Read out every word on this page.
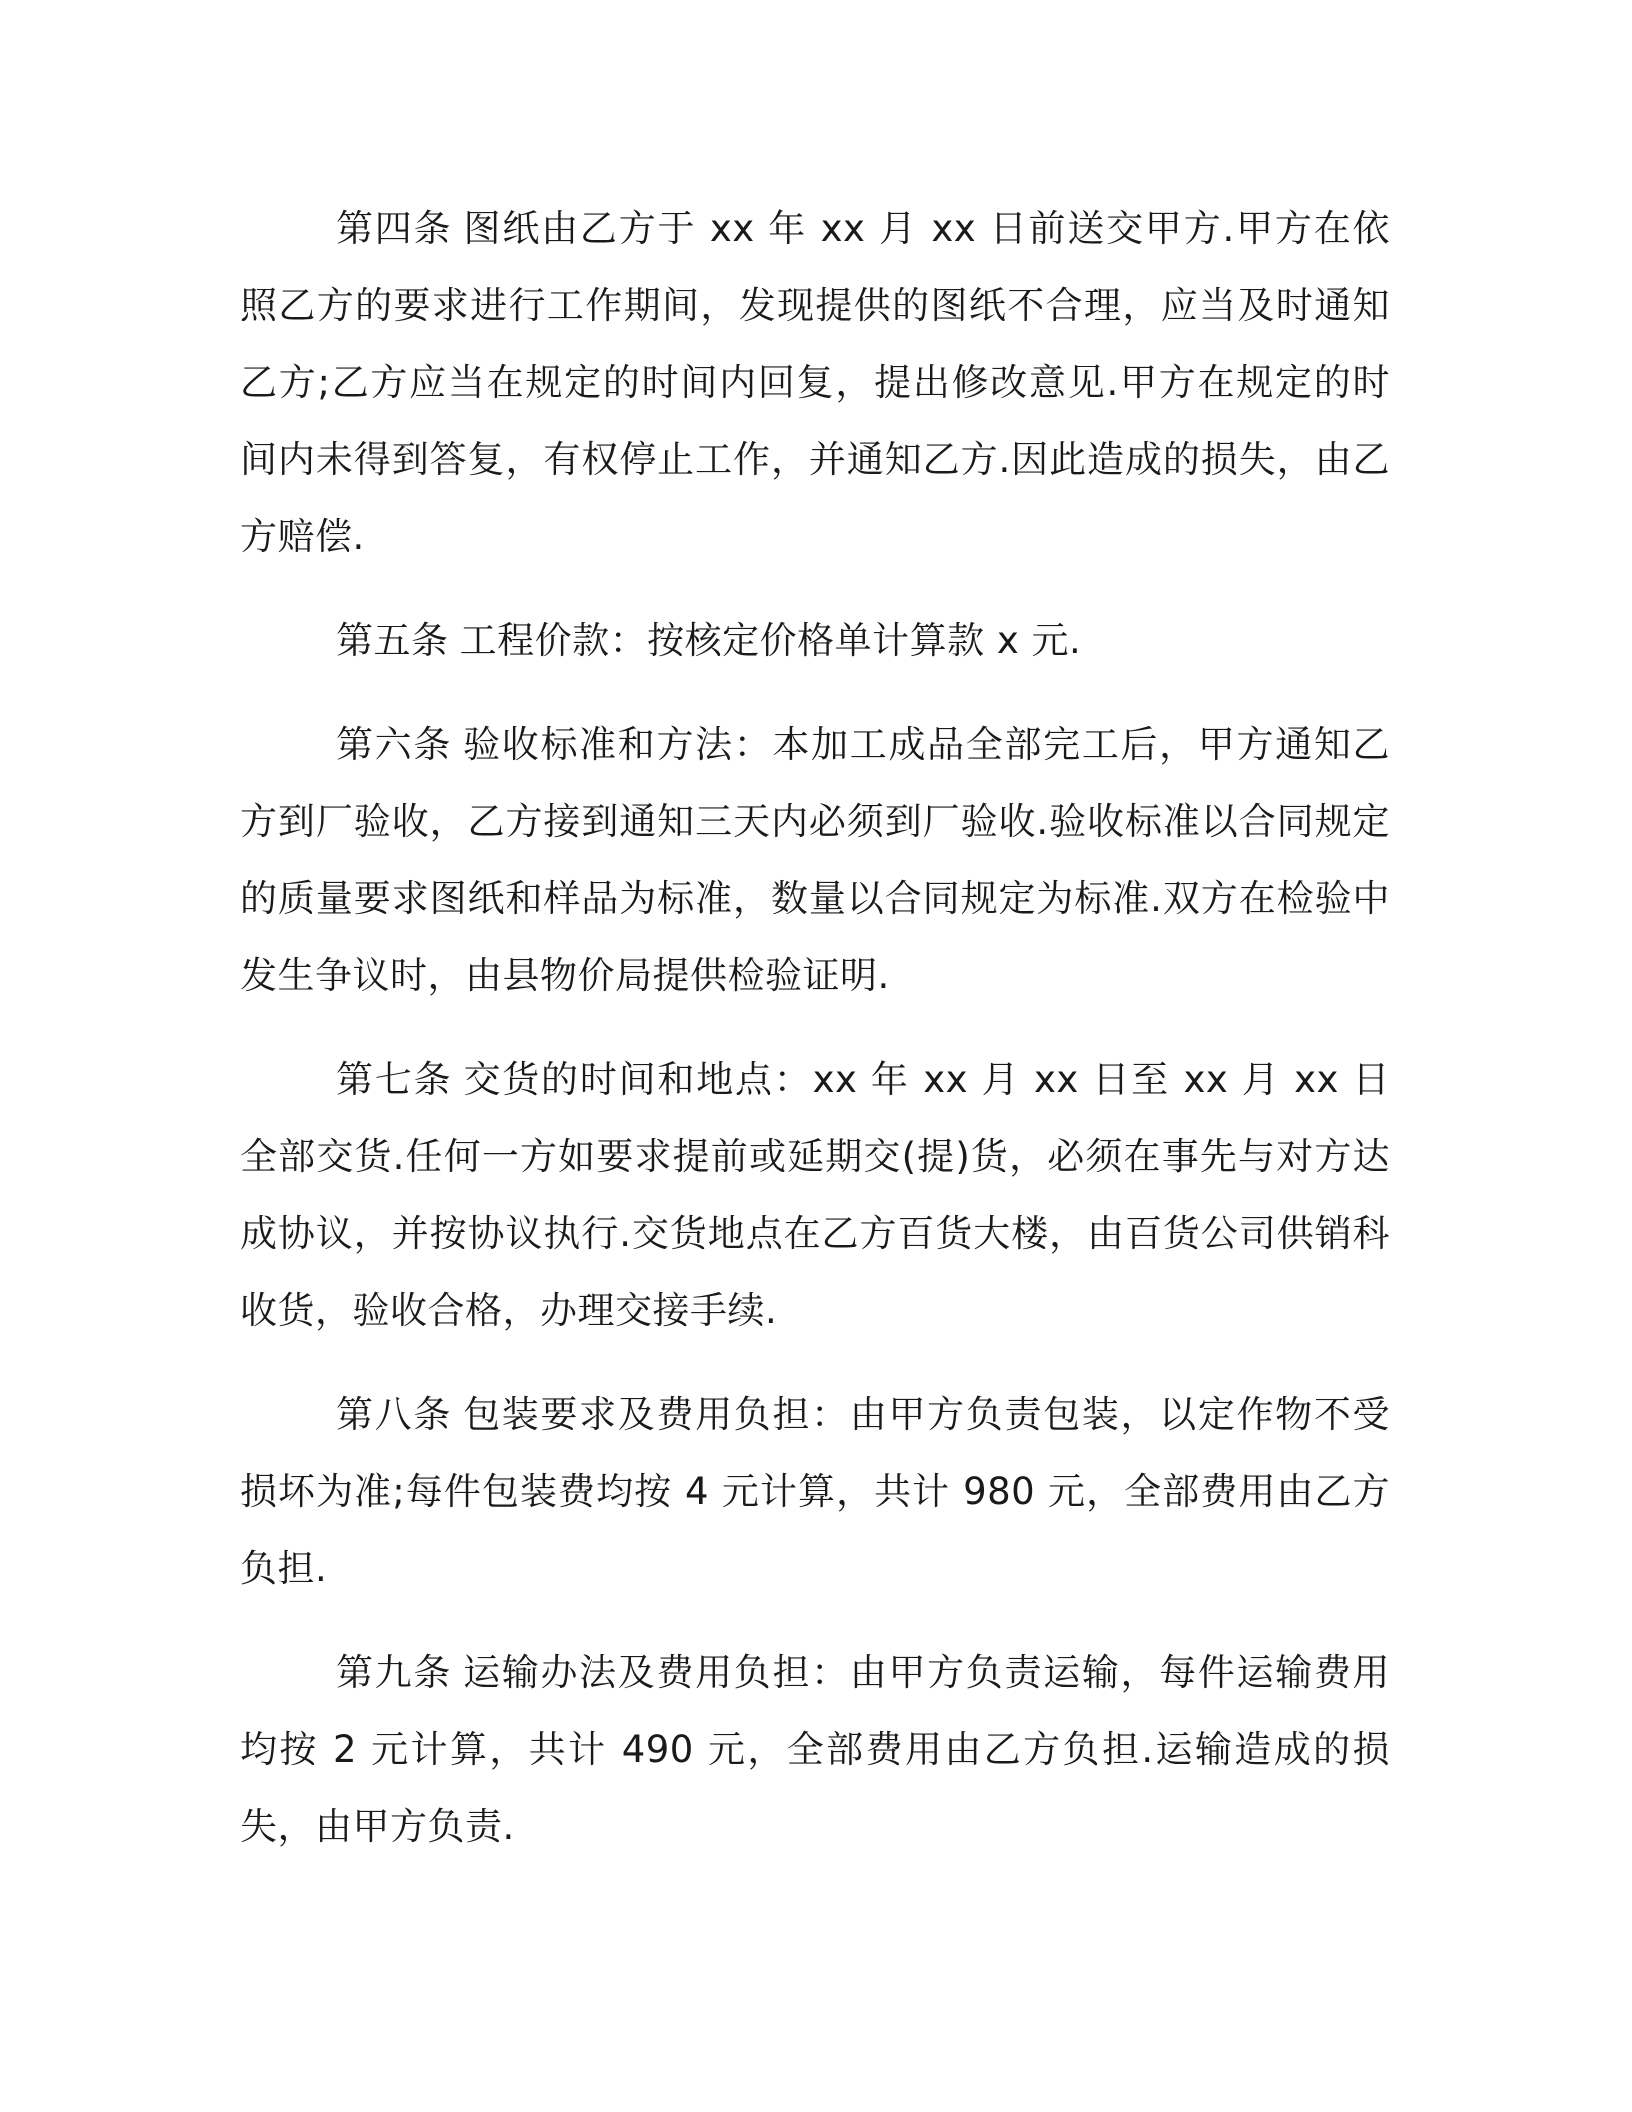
第四条 图纸由乙方于 xx 年 xx 月 xx 日前送交甲方.甲方在依照乙方的要求进行工作期间，发现提供的图纸不合理，应当及时通知乙方;乙方应当在规定的时间内回复，提出修改意见.甲方在规定的时间内未得到答复，有权停止工作，并通知乙方.因此造成的损失，由乙方赔偿.

第五条 工程价款：按核定价格单计算款 x 元.

第六条 验收标准和方法：本加工成品全部完工后，甲方通知乙方到厂验收，乙方接到通知三天内必须到厂验收.验收标准以合同规定的质量要求图纸和样品为标准，数量以合同规定为标准.双方在检验中发生争议时，由县物价局提供检验证明.

第七条 交货的时间和地点：xx 年 xx 月 xx 日至 xx 月 xx 日全部交货.任何一方如要求提前或延期交(提)货，必须在事先与对方达成协议，并按协议执行.交货地点在乙方百货大楼，由百货公司供销科收货，验收合格，办理交接手续.

第八条 包装要求及费用负担：由甲方负责包装，以定作物不受损坏为准;每件包装费均按 4 元计算，共计 980 元，全部费用由乙方负担.

第九条 运输办法及费用负担：由甲方负责运输，每件运输费用均按 2 元计算，共计 490 元，全部费用由乙方负担.运输造成的损失，由甲方负责.
